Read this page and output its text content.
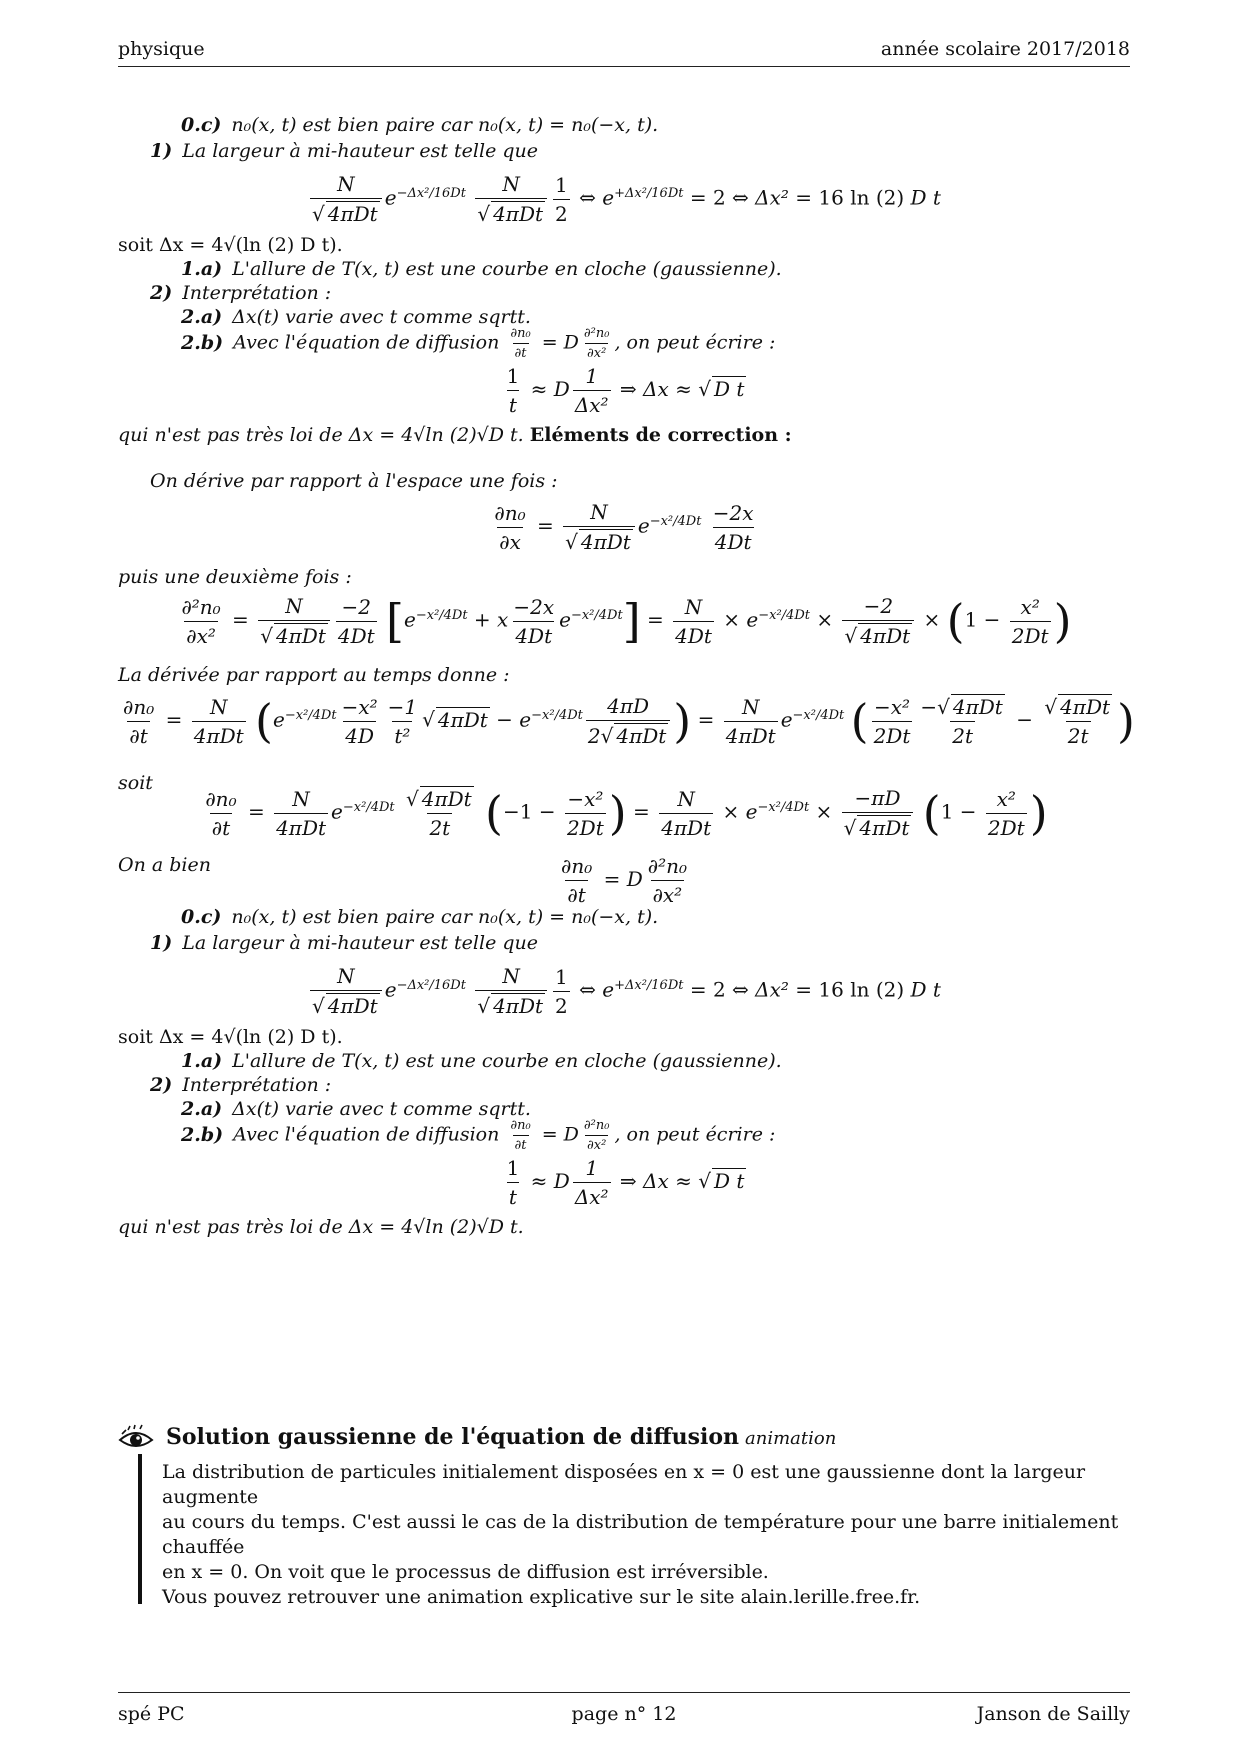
physique	année scolaire 2017/2018
0.c) n₀(x, t) est bien paire car n₀(x, t) = n₀(−x, t).
1) La largeur à mi-hauteur est telle que
$\frac{N}{\text{√ 4πDt}} e^{-\Delta x^2/16Dt} \frac{N}{\text{√ 4πDt}} \frac{1}{2}$ ⇔ $e^{+\Delta x^2/16Dt} = 2$ ⇔ Δx² = 16 ln (2) D t
soit Δx = 4√(ln (2) D t).
1.a) L'allure de T(x, t) est une courbe en cloche (gaussienne).
2) Interprétation :
2.a) Δx(t) varie avec t comme sqrtt.
2.b) Avec l'équation de diffusion $\frac{\text{∂n₀}}{\partial t} = D \frac{\text{∂²n₀}}{\text{∂x²}}$ , on peut écrire :
$\frac{1}{t} \approx D \frac{1}{\text{Δx²}}$ ⇒ Δx ≈ √ D t
qui n'est pas très loi de Δx = 4√ln (2)√D t. Eléments de correction :
On dérive par rapport à l'espace une fois :
$\frac{\text{∂n₀}}{\partial x} = \frac{N}{\text{√ 4πDt}} e^{-x^2/4Dt} \frac{-2x}{4Dt}$
puis une deuxième fois :
$\frac{\text{∂²n₀}}{\text{∂x²}} = \frac{N}{\text{√ 4πDt}} \frac{-2}{4Dt} [e^{-x^2/4Dt} + x \frac{-2x}{4Dt} e^{-x^2/4Dt}] = \frac{N}{4Dt} \times e^{-x^2/4Dt} \times \frac{-2}{\text{√ 4πDt}} \times (1 - \frac{\text{x²}}{2Dt}$ )
La dérivée par rapport au temps donne :
$\frac{\text{∂n₀}}{\partial t} = \frac{N}{\text{4πDt}} (e^{-x^2/4Dt} \frac{\text{−x²}}{4D} \frac{-1}{\text{t²}}$ √ $4\pi Dt - e^{-x^2/4Dt} \frac{4\pi D}{\text{2√ 4πDt}}$ ) = $\frac{N}{\text{4πDt}} e^{-x^2/4Dt}$ ( $\frac{\text{−x²}}{2Dt} \frac{\text{−√ 4πDt}}{2t} - \frac{\text{√ 4πDt}}{2t}$ )
soit
$\frac{\text{∂n₀}}{\partial t} = \frac{N}{\text{4πDt}} e^{-x^2/4Dt} \frac{\text{√ 4πDt}}{2t} (-1 - \frac{\text{−x²}}{2Dt}$ ) = $\frac{N}{\text{4πDt}} \times e^{-x^2/4Dt} \times \frac{-\pi D}{\text{√ 4πDt}} (1 - \frac{\text{x²}}{2Dt}$ )
On a bien	$\frac{\text{∂n₀}}{\partial t} = D \frac{\text{∂²n₀}}{\text{∂x²}}$
0.c) n₀(x, t) est bien paire car n₀(x, t) = n₀(−x, t).
1) La largeur à mi-hauteur est telle que
$\frac{N}{\text{√ 4πDt}} e^{-\Delta x^2/16Dt} \frac{N}{\text{√ 4πDt}} \frac{1}{2}$ ⇔ $e^{+\Delta x^2/16Dt} = 2$ ⇔ Δx² = 16 ln (2) D t
soit Δx = 4√(ln (2) D t).
1.a) L'allure de T(x, t) est une courbe en cloche (gaussienne).
2) Interprétation :
2.a) Δx(t) varie avec t comme sqrtt.
2.b) Avec l'équation de diffusion $\frac{\text{∂n₀}}{\partial t} = D \frac{\text{∂²n₀}}{\text{∂x²}}$ , on peut écrire :
$\frac{1}{t} \approx D \frac{1}{\text{Δx²}}$ ⇒ Δx ≈ √ D t
qui n'est pas très loi de Δx = 4√ln (2)√D t.
Solution gaussienne de l'équation de diffusion animation
La distribution de particules initialement disposées en x = 0 est une gaussienne dont la largeur augmente
au cours du temps. C'est aussi le cas de la distribution de température pour une barre initialement chauffée
en x = 0. On voit que le processus de diffusion est irréversible.
Vous pouvez retrouver une animation explicative sur le site alain.lerille.free.fr.
spé PC	page n° 12	Janson de Sailly
